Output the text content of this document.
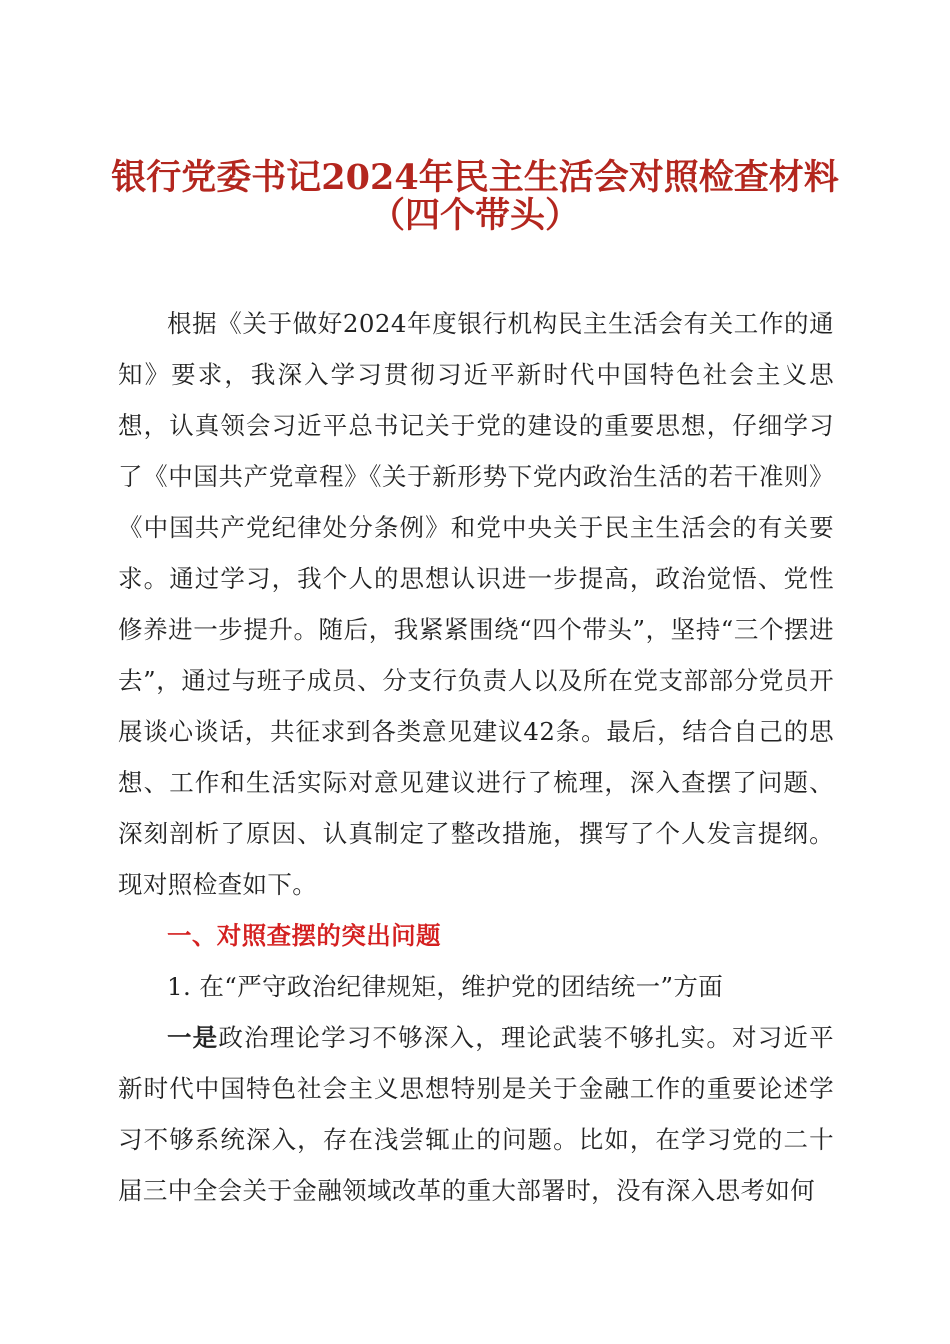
银行党委书记2024年民主生活会对照检查材料
（四个带头）

根据《关于做好2024年度银行机构民主生活会有关工作的通知》要求，我深入学习贯彻习近平新时代中国特色社会主义思想，认真领会习近平总书记关于党的建设的重要思想，仔细学习了《中国共产党章程》《关于新形势下党内政治生活的若干准则》《中国共产党纪律处分条例》和党中央关于民主生活会的有关要求。通过学习，我个人的思想认识进一步提高，政治觉悟、党性修养进一步提升。随后，我紧紧围绕“四个带头”，坚持“三个摆进去”，通过与班子成员、分支行负责人以及所在党支部部分党员开展谈心谈话，共征求到各类意见建议42条。最后，结合自己的思想、工作和生活实际对意见建议进行了梳理，深入查摆了问题、深刻剖析了原因、认真制定了整改措施，撰写了个人发言提纲。现对照检查如下。

一、对照查摆的突出问题

1. 在“严守政治纪律规矩，维护党的团结统一”方面

一是政治理论学习不够深入，理论武装不够扎实。对习近平新时代中国特色社会主义思想特别是关于金融工作的重要论述学习不够系统深入，存在浅尝辄止的问题。比如，在学习党的二十届三中全会关于金融领域改革的重大部署时，没有深入思考如何
